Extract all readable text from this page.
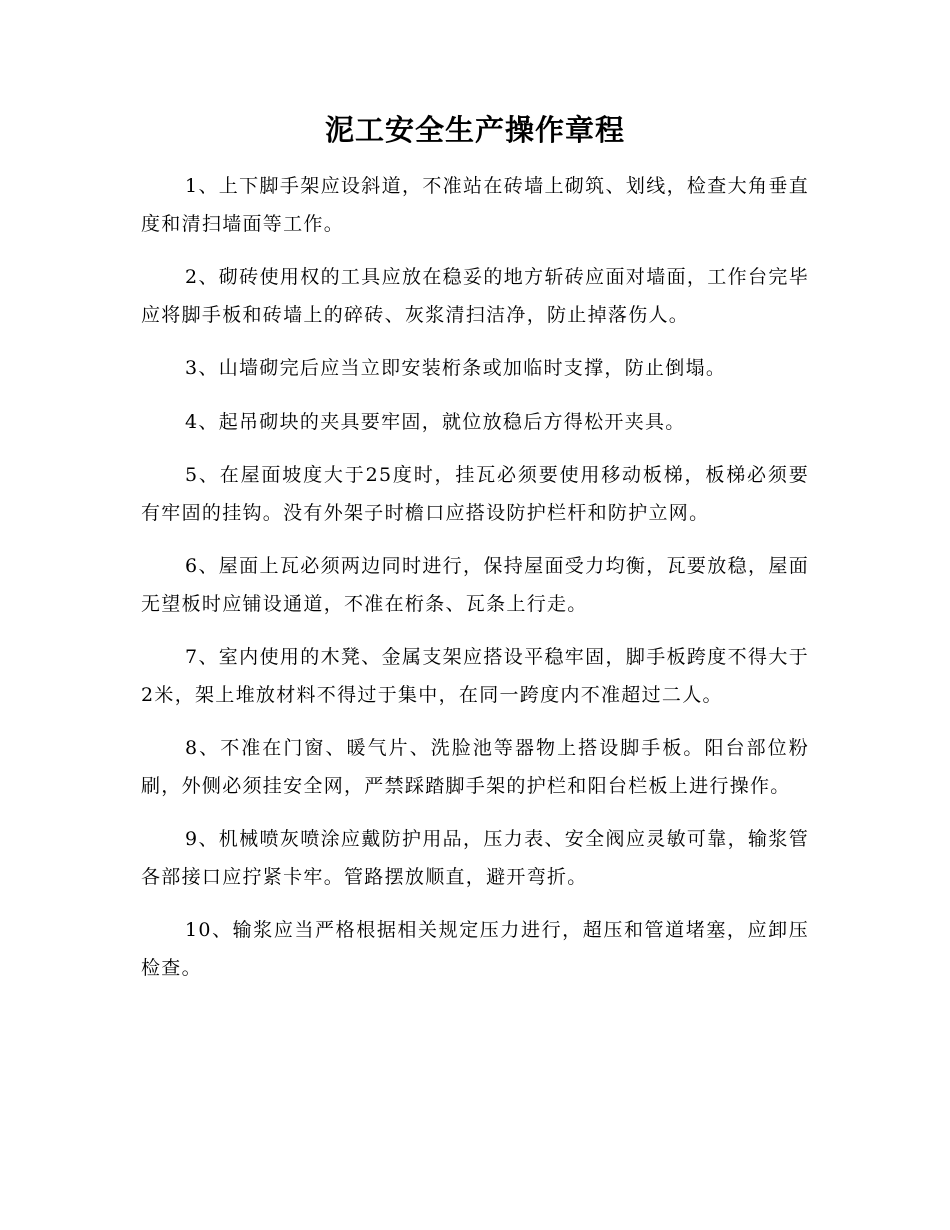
泥工安全生产操作章程

1、上下脚手架应设斜道，不准站在砖墙上砌筑、划线，检查大角垂直度和清扫墙面等工作。

2、砌砖使用权的工具应放在稳妥的地方斩砖应面对墙面，工作台完毕应将脚手板和砖墙上的碎砖、灰浆清扫洁净，防止掉落伤人。

3、山墙砌完后应当立即安装桁条或加临时支撑，防止倒塌。

4、起吊砌块的夹具要牢固，就位放稳后方得松开夹具。

5、在屋面坡度大于25度时，挂瓦必须要使用移动板梯，板梯必须要有牢固的挂钩。没有外架子时檐口应搭设防护栏杆和防护立网。

6、屋面上瓦必须两边同时进行，保持屋面受力均衡，瓦要放稳，屋面无望板时应铺设通道，不准在桁条、瓦条上行走。

7、室内使用的木凳、金属支架应搭设平稳牢固，脚手板跨度不得大于2米，架上堆放材料不得过于集中，在同一跨度内不准超过二人。

8、不准在门窗、暖气片、洗脸池等器物上搭设脚手板。阳台部位粉刷，外侧必须挂安全网，严禁踩踏脚手架的护栏和阳台栏板上进行操作。

9、机械喷灰喷涂应戴防护用品，压力表、安全阀应灵敏可靠，输浆管各部接口应拧紧卡牢。管路摆放顺直，避开弯折。

10、输浆应当严格根据相关规定压力进行，超压和管道堵塞，应卸压检查。
